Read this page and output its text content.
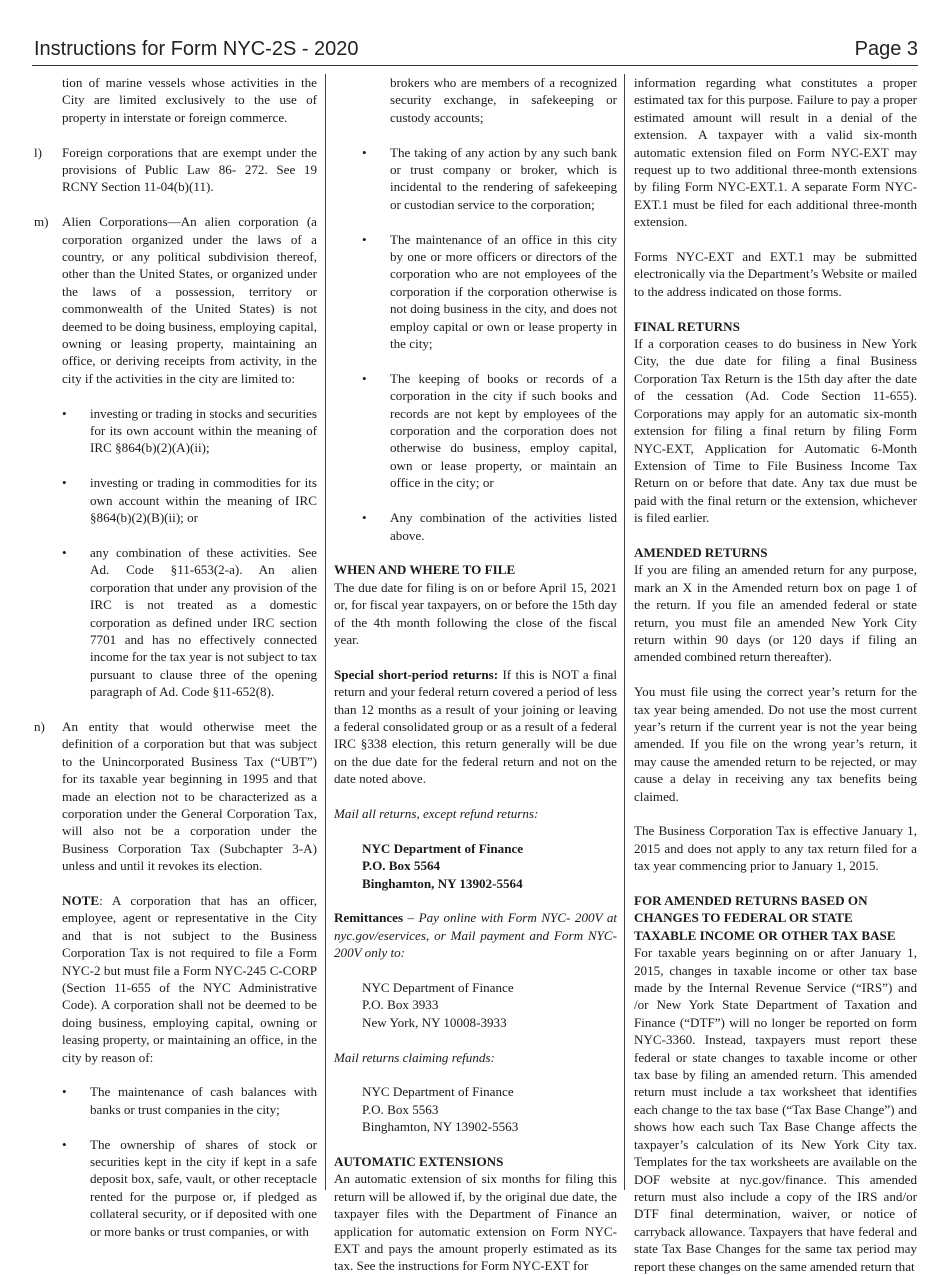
Instructions for Form NYC-2S - 2020	Page 3

tion of marine vessels whose activities in the City are limited exclusively to the use of property in interstate or foreign commerce.

l) Foreign corporations that are exempt under the provisions of Public Law 86- 272. See 19 RCNY Section 11-04(b)(11).
m) Alien Corporations—An alien corporation (a corporation organized under the laws of a country, or any political subdivision thereof, other than the United States, or organized under the laws of a possession, territory or commonwealth of the United States) is not deemed to be doing business, employing capital, owning or leasing property, maintaining an office, or deriving receipts from activity, in the city if the activities in the city are limited to:
• investing or trading in stocks and securities for its own account within the meaning of IRC §864(b)(2)(A)(ii);
• investing or trading in commodities for its own account within the meaning of IRC §864(b)(2)(B)(ii); or
• any combination of these activities. See Ad. Code §11-653(2-a). An alien corporation that under any provision of the IRC is not treated as a domestic corporation as defined under IRC section 7701 and has no effectively connected income for the tax year is not subject to tax pursuant to clause three of the opening paragraph of Ad. Code §11-652(8).
n) An entity that would otherwise meet the definition of a corporation but that was subject to the Unincorporated Business Tax (“UBT”) for its taxable year beginning in 1995 and that made an election not to be characterized as a corporation under the General Corporation Tax, will also not be a corporation under the Business Corporation Tax (Subchapter 3-A) unless and until it revokes its election.

NOTE: A corporation that has an officer, employee, agent or representative in the City and that is not subject to the Business Corporation Tax is not required to file a Form NYC-2 but must file a Form NYC-245 C-CORP (Section 11-655 of the NYC Administrative Code). A corporation shall not be deemed to be doing business, employing capital, owning or leasing property, or maintaining an office, in the city by reason of:

• The maintenance of cash balances with banks or trust companies in the city;
• The ownership of shares of stock or securities kept in the city if kept in a safe deposit box, safe, vault, or other receptacle rented for the purpose or, if pledged as collateral security, or if deposited with one or more banks or trust companies, or with

brokers who are members of a recognized security exchange, in safekeeping or custody accounts;

• The taking of any action by any such bank or trust company or broker, which is incidental to the rendering of safekeeping or custodian service to the corporation;
• The maintenance of an office in this city by one or more officers or directors of the corporation who are not employees of the corporation if the corporation otherwise is not doing business in the city, and does not employ capital or own or lease property in the city;
• The keeping of books or records of a corporation in the city if such books and records are not kept by employees of the corporation and the corporation does not otherwise do business, employ capital, own or lease property, or maintain an office in the city; or
• Any combination of the activities listed above.
WHEN AND WHERE TO FILE

The due date for filing is on or before April 15, 2021 or, for fiscal year taxpayers, on or before the 15th day of the 4th month following the close of the fiscal year.

Special short-period returns: If this is NOT a final return and your federal return covered a period of less than 12 months as a result of your joining or leaving a federal consolidated group or as a result of a federal IRC §338 election, this return generally will be due on the due date for the federal return and not on the date noted above.

Mail all returns, except refund returns:

NYC Department of Finance
P.O. Box 5564
Binghamton, NY 13902-5564

Remittances – Pay online with Form NYC- 200V at nyc.gov/eservices, or Mail payment and Form NYC-200V only to:

NYC Department of Finance
P.O. Box 3933
New York, NY 10008-3933

Mail returns claiming refunds:

NYC Department of Finance
P.O. Box 5563
Binghamton, NY 13902-5563
AUTOMATIC EXTENSIONS

An automatic extension of six months for filing this return will be allowed if, by the original due date, the taxpayer files with the Department of Finance an application for automatic extension on Form NYC-EXT and pays the amount properly estimated as its tax. See the instructions for Form NYC-EXT for

information regarding what constitutes a proper estimated tax for this purpose. Failure to pay a proper estimated amount will result in a denial of the extension. A taxpayer with a valid six-month automatic extension filed on Form NYC-EXT may request up to two additional three-month extensions by filing Form NYC-EXT.1. A separate Form NYC-EXT.1 must be filed for each additional three-month extension.

Forms NYC-EXT and EXT.1 may be submitted electronically via the Department’s Website or mailed to the address indicated on those forms.

FINAL RETURNS

If a corporation ceases to do business in New York City, the due date for filing a final Business Corporation Tax Return is the 15th day after the date of the cessation (Ad. Code Section 11-655). Corporations may apply for an automatic six-month extension for filing a final return by filing Form NYC-EXT, Application for Automatic 6-Month Extension of Time to File Business Income Tax Return on or before that date. Any tax due must be paid with the final return or the extension, whichever is filed earlier.

AMENDED RETURNS

If you are filing an amended return for any purpose, mark an X in the Amended return box on page 1 of the return. If you file an amended federal or state return, you must file an amended New York City return within 90 days (or 120 days if filing an amended combined return thereafter).

You must file using the correct year’s return for the tax year being amended. Do not use the most current year’s return if the current year is not the year being amended. If you file on the wrong year’s return, it may cause the amended return to be rejected, or may cause a delay in receiving any tax benefits being claimed.

The Business Corporation Tax is effective January 1, 2015 and does not apply to any tax return filed for a tax year commencing prior to January 1, 2015.

FOR AMENDED RETURNS BASED ON CHANGES TO FEDERAL OR STATE TAXABLE INCOME OR OTHER TAX BASE

For taxable years beginning on or after January 1, 2015, changes in taxable income or other tax base made by the Internal Revenue Service (“IRS”) and /or New York State Department of Taxation and Finance (“DTF”) will no longer be reported on form NYC-3360. Instead, taxpayers must report these federal or state changes to taxable income or other tax base by filing an amended return. This amended return must include a tax worksheet that identifies each change to the tax base (“Tax Base Change”) and shows how each such Tax Base Change affects the taxpayer’s calculation of its New York City tax. Templates for the tax worksheets are available on the DOF website at nyc.gov/finance. This amended return must also include a copy of the IRS and/or DTF final determination, waiver, or notice of carryback allowance. Taxpayers that have federal and state Tax Base Changes for the same tax period may report these changes on the same amended return that
